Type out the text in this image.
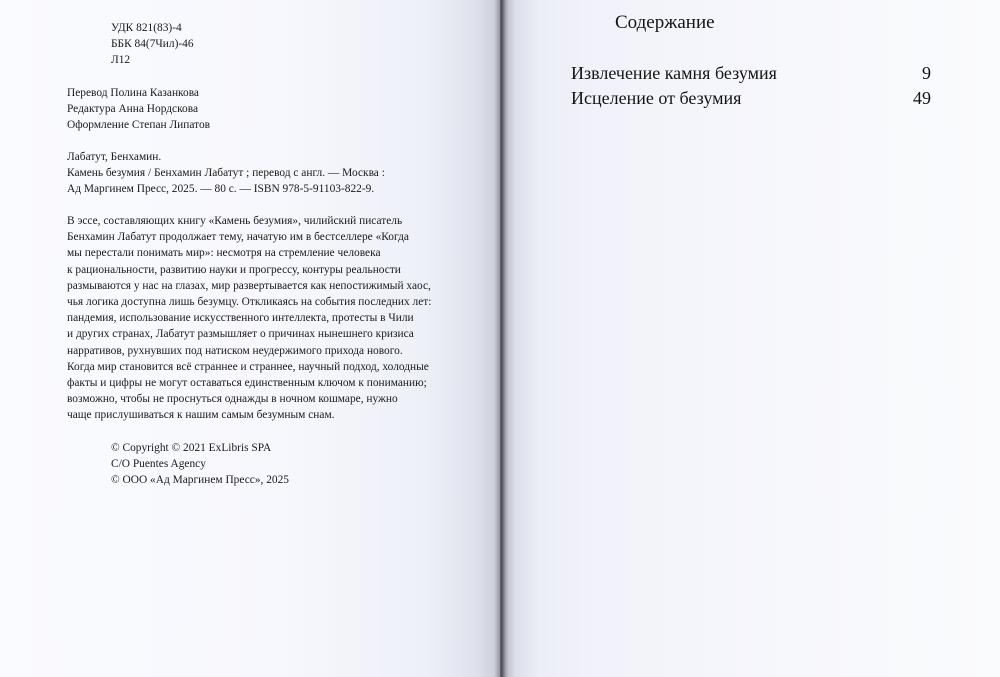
УДК 821(83)-4
ББК 84(7Чил)-46
Л12
Перевод Полина Казанкова
Редактура Анна Нордскова
Оформление Степан Липатов
Лабатут, Бенхамин.
Камень безумия / Бенхамин Лабатут ; перевод с англ. — Москва :
Ад Маргинем Пресс, 2025. — 80 с. — ISBN 978-5-91103-822-9.
В эссе, составляющих книгу «Камень безумия», чилийский писатель
Бенхамин Лабатут продолжает тему, начатую им в бестселлере «Когда
мы перестали понимать мир»: несмотря на стремление человека
к рациональности, развитию науки и прогрессу, контуры реальности
размываются у нас на глазах, мир развертывается как непостижимый хаос,
чья логика доступна лишь безумцу. Откликаясь на события последних лет:
пандемия, использование искусственного интеллекта, протесты в Чили
и других странах, Лабатут размышляет о причинах нынешнего кризиса
нарративов, рухнувших под натиском неудержимого прихода нового.
Когда мир становится всё страннее и страннее, научный подход, холодные
факты и цифры не могут оставаться единственным ключом к пониманию;
возможно, чтобы не проснуться однажды в ночном кошмаре, нужно
чаще прислушиваться к нашим самым безумным снам.
© Copyright © 2021 ExLibris SPA
C/O Puentes Agency
© ООО «Ад Маргинем Пресс», 2025
Содержание
Извлечение камня безумия	9
Исцеление от безумия	49
